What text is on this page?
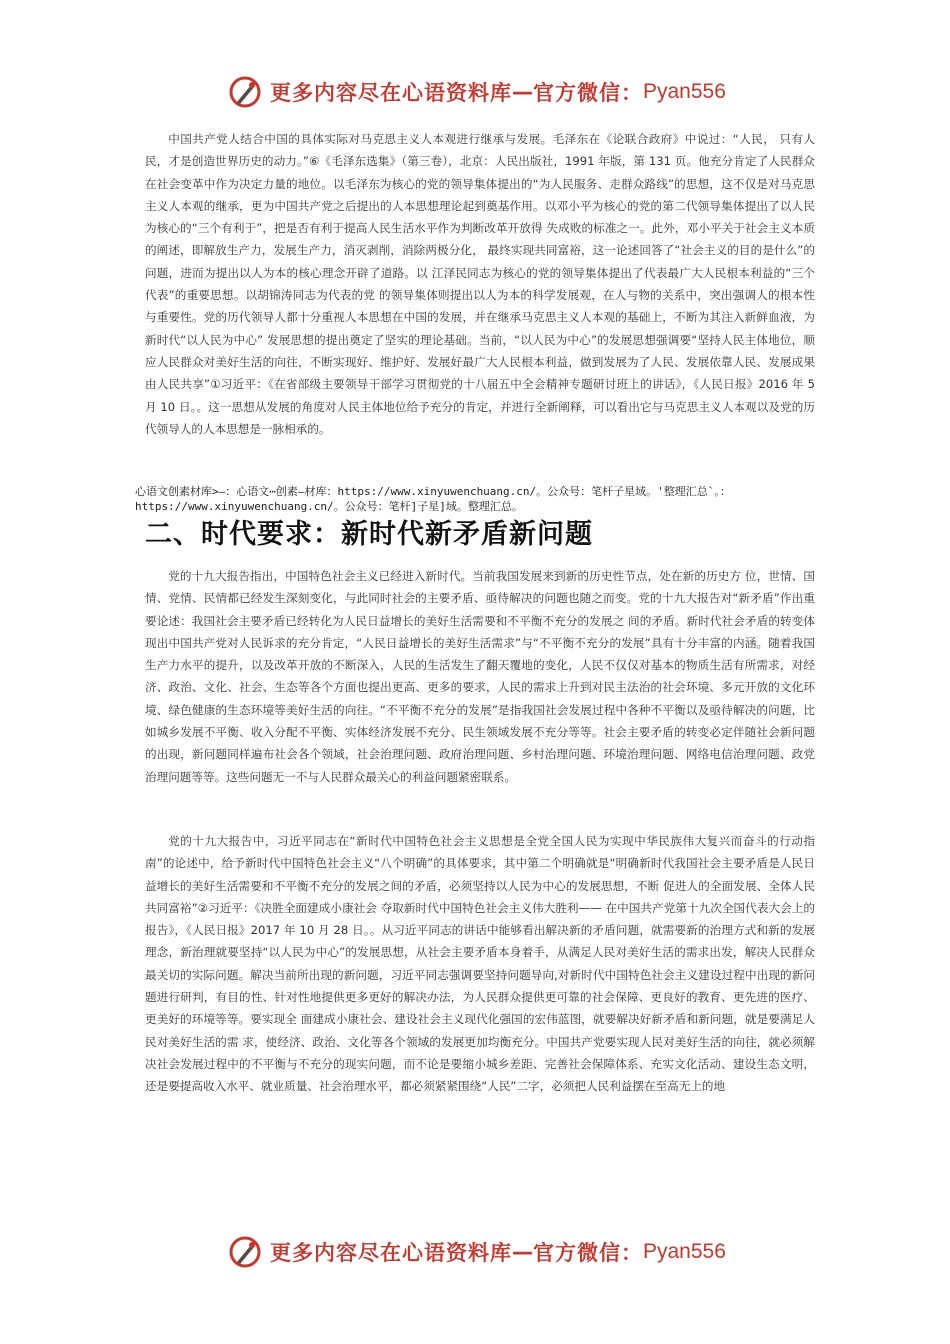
更多内容尽在心语资料库 — 官方微信： Pyan556
中国共产党人结合中国的具体实际对马克思主义人本观进行继承与发展。毛泽东在《论联合政府》中说过：“人民， 只有人民，才是创造世界历史的动力。”⑥《毛泽东选集》（第三卷），北京：人民出版社，1991 年版，第 131 页。他充分肯定了人民群众在社会变革中作为决定力量的地位。以毛泽东为核心的党的领导集体提出的“为人民服务、走群众路线”的思想，这不仅是对马克思主义人本观的继承，更为中国共产党之后提出的人本思想理论起到奠基作用。以邓小平为核心的党的第二代领导集体提出了以人民为核心的“三个有利于”，把是否有利于提高人民生活水平作为判断改革开放得 失成败的标准之一。此外，邓小平关于社会主义本质的阐述，即解放生产力，发展生产力，消灭剥削，消除两极分化， 最终实现共同富裕，这一论述回答了“社会主义的目的是什么”的问题，进而为提出以人为本的核心理念开辟了道路。以 江泽民同志为核心的党的领导集体提出了代表最广大人民根本利益的“三个代表”的重要思想。以胡锦涛同志为代表的党 的领导集体则提出以人为本的科学发展观，在人与物的关系中，突出强调人的根本性与重要性。党的历代领导人都十分重视人本思想在中国的发展，并在继承马克思主义人本观的基础上，不断为其注入新鲜血液，为新时代“以人民为中心” 发展思想的提出奠定了坚实的理论基础。当前，“以人民为中心”的发展思想强调要“坚持人民主体地位，顺应人民群众对美好生活的向往，不断实现好、维护好、发展好最广大人民根本利益，做到发展为了人民、发展依靠人民、发展成果由人民共享”①习近平：《在省部级主要领导干部学习贯彻党的十八届五中全会精神专题研讨班上的讲话》，《人民日报》2016 年 5 月 10 日。。这一思想从发展的角度对人民主体地位给予充分的肯定，并进行全新阐释，可以看出它与马克思主义人本观以及党的历代领导人的人本思想是一脉相承的。
心语文创素材库>—：心语文⋯创素—材库：https://www.xinyuwenchuang.cn/。公众号：笔杆子星域。'整理汇总`。：https://www.xinyuwenchuang.cn/。公众号：笔杆]子星]域。整理汇总。
二、时代要求：新时代新矛盾新问题
党的十九大报告指出，中国特色社会主义已经进入新时代。当前我国发展来到新的历史性节点，处在新的历史方 位，世情、国情、党情、民情都已经发生深刻变化，与此同时社会的主要矛盾、亟待解决的问题也随之而变。党的十九大报告对“新矛盾”作出重要论述：我国社会主要矛盾已经转化为人民日益增长的美好生活需要和不平衡不充分的发展之 间的矛盾。新时代社会矛盾的转变体现出中国共产党对人民诉求的充分肯定，“人民日益增长的美好生活需求”与“不平衡不充分的发展”具有十分丰富的内涵。随着我国生产力水平的提升，以及改革开放的不断深入，人民的生活发生了翻天覆地的变化，人民不仅仅对基本的物质生活有所需求，对经济、政治、文化、社会、生态等各个方面也提出更高、更多的要求，人民的需求上升到对民主法治的社会环境、多元开放的文化环境、绿色健康的生态环境等美好生活的向往。“不平衡不充分的发展”是指我国社会发展过程中各种不平衡以及亟待解决的问题，比如城乡发展不平衡、收入分配不平衡、实体经济发展不充分、民生领域发展不充分等等。社会主要矛盾的转变必定伴随社会新问题的出现，新问题同样遍布社会各个领域，社会治理问题、政府治理问题、乡村治理问题、环境治理问题、网络电信治理问题、政党治理问题等等。这些问题无一不与人民群众最关心的利益问题紧密联系。
党的十九大报告中，习近平同志在“新时代中国特色社会主义思想是全党全国人民为实现中华民族伟大复兴而奋斗的行动指南”的论述中，给予新时代中国特色社会主义“八个明确”的具体要求，其中第二个明确就是“明确新时代我国社会主要矛盾是人民日益增长的美好生活需要和不平衡不充分的发展之间的矛盾，必须坚持以人民为中心的发展思想，不断 促进人的全面发展、全体人民共同富裕”②习近平：《决胜全面建成小康社会 夺取新时代中国特色社会主义伟大胜利—— 在中国共产党第十九次全国代表大会上的报告》，《人民日报》2017 年 10 月 28 日。。从习近平同志的讲话中能够看出解决新的矛盾问题，就需要新的治理方式和新的发展理念，新治理就要坚持“以人民为中心”的发展思想，从社会主要矛盾本身着手，从满足人民对美好生活的需求出发，解决人民群众最关切的实际问题。解决当前所出现的新问题，习近平同志强调要坚持问题导向,对新时代中国特色社会主义建设过程中出现的新问题进行研判，有目的性、针对性地提供更多更好的解决办法，为人民群众提供更可靠的社会保障、更良好的教育、更先进的医疗、更美好的环境等等。要实现全 面建成小康社会、建设社会主义现代化强国的宏伟蓝图，就要解决好新矛盾和新问题，就是要满足人民对美好生活的需 求，使经济、政治、文化等各个领域的发展更加均衡充分。中国共产党要实现人民对美好生活的向往，就必须解决社会发展过程中的不平衡与不充分的现实问题，而不论是要缩小城乡差距、完善社会保障体系、充实文化活动、建设生态文明，还是要提高收入水平、就业质量、社会治理水平，都必须紧紧围绕“人民”二字，必须把人民利益摆在至高无上的地
更多内容尽在心语资料库 — 官方微信： Pyan556
